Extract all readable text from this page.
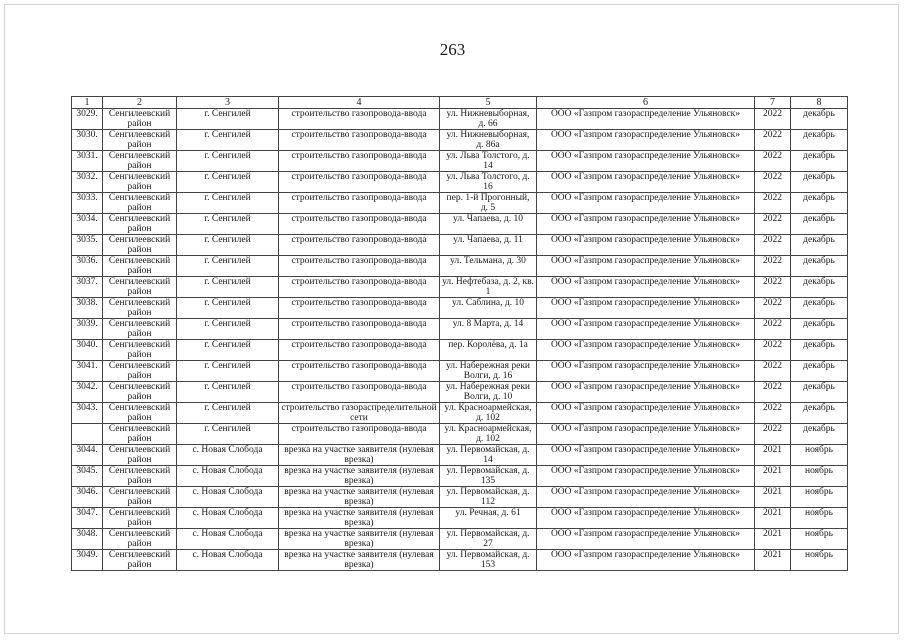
263
1	2	3	4	5	6	7	8
3029.	Сенгилеевский район	г. Сенгилей	строительство газопровода-ввода	ул. Нижневыборная, д. 66	ООО «Газпром газораспределение Ульяновск»	2022	декабрь
3030.	Сенгилеевский район	г. Сенгилей	строительство газопровода-ввода	ул. Нижневыборная, д. 86а	ООО «Газпром газораспределение Ульяновск»	2022	декабрь
3031.	Сенгилеевский район	г. Сенгилей	строительство газопровода-ввода	ул. Льва Толстого, д. 14	ООО «Газпром газораспределение Ульяновск»	2022	декабрь
3032.	Сенгилеевский район	г. Сенгилей	строительство газопровода-ввода	ул. Льва Толстого, д. 16	ООО «Газпром газораспределение Ульяновск»	2022	декабрь
3033.	Сенгилеевский район	г. Сенгилей	строительство газопровода-ввода	пер. 1-й Прогонный, д. 5	ООО «Газпром газораспределение Ульяновск»	2022	декабрь
3034.	Сенгилеевский район	г. Сенгилей	строительство газопровода-ввода	ул. Чапаева, д. 10	ООО «Газпром газораспределение Ульяновск»	2022	декабрь
3035.	Сенгилеевский район	г. Сенгилей	строительство газопровода-ввода	ул. Чапаева, д. 11	ООО «Газпром газораспределение Ульяновск»	2022	декабрь
3036.	Сенгилеевский район	г. Сенгилей	строительство газопровода-ввода	ул. Тельмана, д. 30	ООО «Газпром газораспределение Ульяновск»	2022	декабрь
3037.	Сенгилеевский район	г. Сенгилей	строительство газопровода-ввода	ул. Нефтебаза, д. 2, кв. 1	ООО «Газпром газораспределение Ульяновск»	2022	декабрь
3038.	Сенгилеевский район	г. Сенгилей	строительство газопровода-ввода	ул. Саблина, д. 10	ООО «Газпром газораспределение Ульяновск»	2022	декабрь
3039.	Сенгилеевский район	г. Сенгилей	строительство газопровода-ввода	ул. 8 Марта, д. 14	ООО «Газпром газораспределение Ульяновск»	2022	декабрь
3040.	Сенгилеевский район	г. Сенгилей	строительство газопровода-ввода	пер. Королёва, д. 1а	ООО «Газпром газораспределение Ульяновск»	2022	декабрь
3041.	Сенгилеевский район	г. Сенгилей	строительство газопровода-ввода	ул. Набережная реки Волги, д. 16	ООО «Газпром газораспределение Ульяновск»	2022	декабрь
3042.	Сенгилеевский район	г. Сенгилей	строительство газопровода-ввода	ул. Набережная реки Волги, д. 10	ООО «Газпром газораспределение Ульяновск»	2022	декабрь
3043.	Сенгилеевский район	г. Сенгилей	строительство газораспределительной сети	ул. Красноармейская, д. 102	ООО «Газпром газораспределение Ульяновск»	2022	декабрь
	Сенгилеевский район	г. Сенгилей	строительство газопровода-ввода	ул. Красноармейская, д. 102	ООО «Газпром газораспределение Ульяновск»	2022	декабрь
3044.	Сенгилеевский район	с. Новая Слобода	врезка на участке заявителя (нулевая врезка)	ул. Первомайская, д. 14	ООО «Газпром газораспределение Ульяновск»	2021	ноябрь
3045.	Сенгилеевский район	с. Новая Слобода	врезка на участке заявителя (нулевая врезка)	ул. Первомайская, д. 135	ООО «Газпром газораспределение Ульяновск»	2021	ноябрь
3046.	Сенгилеевский район	с. Новая Слобода	врезка на участке заявителя (нулевая врезка)	ул. Первомайская, д. 112	ООО «Газпром газораспределение Ульяновск»	2021	ноябрь
3047.	Сенгилеевский район	с. Новая Слобода	врезка на участке заявителя (нулевая врезка)	ул. Речная, д. 61	ООО «Газпром газораспределение Ульяновск»	2021	ноябрь
3048.	Сенгилеевский район	с. Новая Слобода	врезка на участке заявителя (нулевая врезка)	ул. Первомайская, д. 27	ООО «Газпром газораспределение Ульяновск»	2021	ноябрь
3049.	Сенгилеевский район	с. Новая Слобода	врезка на участке заявителя (нулевая врезка)	ул. Первомайская, д. 153	ООО «Газпром газораспределение Ульяновск»	2021	ноябрь
